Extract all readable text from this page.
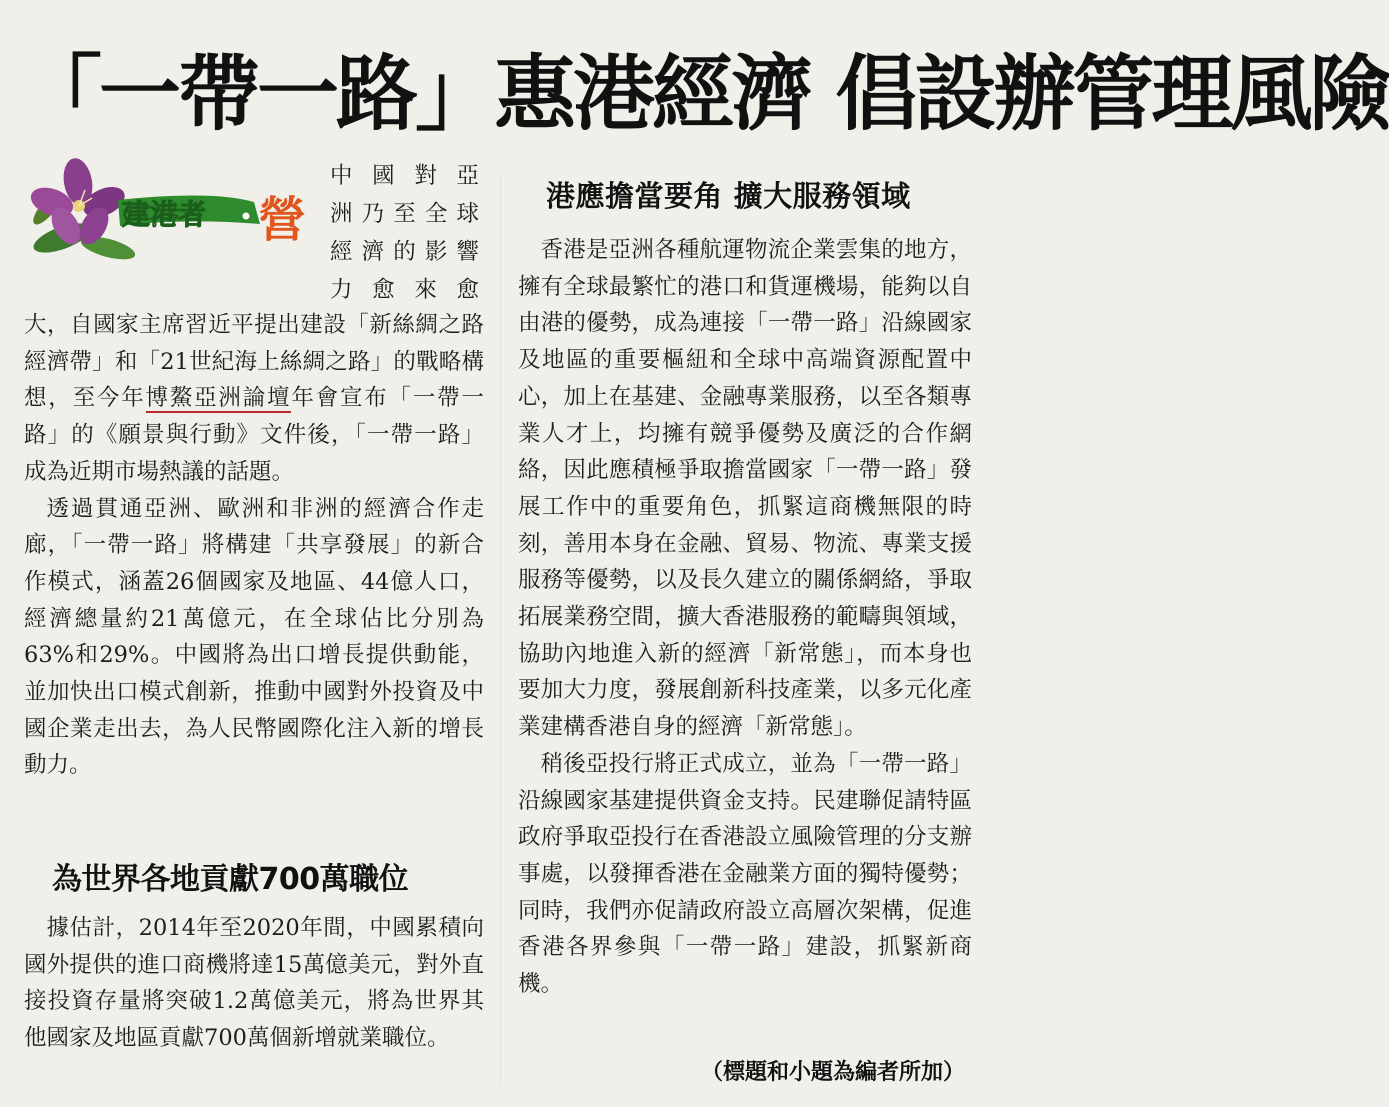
「一帶一路」惠港經濟 倡設辦管理風險
建港者 營
中國對亞
洲乃至全球
經濟的影響
力愈來愈

大，自國家主席習近平提出建設「新絲綢之路經濟帶」和「21世紀海上絲綢之路」的戰略構想，至今年博鰲亞洲論壇年會宣布「一帶一路」的《願景與行動》文件後，「一帶一路」成為近期市場熱議的話題。

透過貫通亞洲、歐洲和非洲的經濟合作走廊，「一帶一路」將構建「共享發展」的新合作模式，涵蓋26個國家及地區、44億人口，經濟總量約21萬億元，在全球佔比分別為63%和29%。中國將為出口增長提供動能，並加快出口模式創新，推動中國對外投資及中國企業走出去，為人民幣國際化注入新的增長動力。

為世界各地貢獻700萬職位

據估計，2014年至2020年間，中國累積向國外提供的進口商機將達15萬億美元，對外直接投資存量將突破1.2萬億美元，將為世界其他國家及地區貢獻700萬個新增就業職位。

港應擔當要角 擴大服務領域

香港是亞洲各種航運物流企業雲集的地方，擁有全球最繁忙的港口和貨運機場，能夠以自由港的優勢，成為連接「一帶一路」沿線國家及地區的重要樞紐和全球中高端資源配置中心，加上在基建、金融專業服務，以至各類專業人才上，均擁有競爭優勢及廣泛的合作網絡，因此應積極爭取擔當國家「一帶一路」發展工作中的重要角色，抓緊這商機無限的時刻，善用本身在金融、貿易、物流、專業支援服務等優勢，以及長久建立的關係網絡，爭取拓展業務空間，擴大香港服務的範疇與領域，協助內地進入新的經濟「新常態」，而本身也要加大力度，發展創新科技產業，以多元化產業建構香港自身的經濟「新常態」。

稍後亞投行將正式成立，並為「一帶一路」沿線國家基建提供資金支持。民建聯促請特區政府爭取亞投行在香港設立風險管理的分支辦事處，以發揮香港在金融業方面的獨特優勢；同時，我們亦促請政府設立高層次架構，促進香港各界參與「一帶一路」建設，抓緊新商機。

（標題和小題為編者所加）
